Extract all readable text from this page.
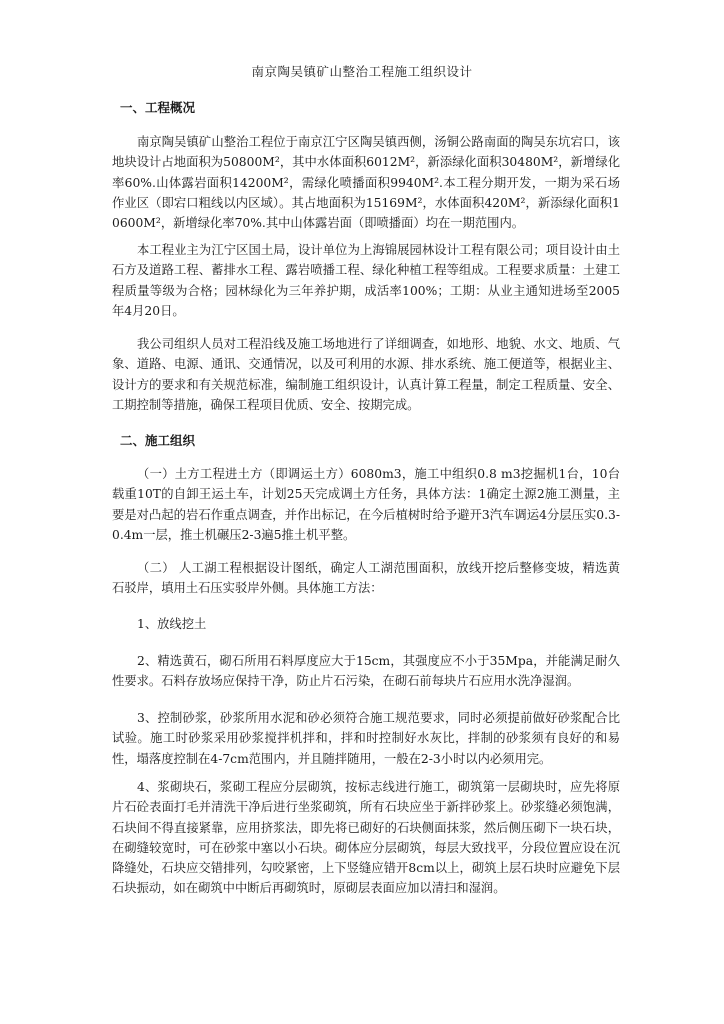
南京陶吴镇矿山整治工程施工组织设计
一、工程概况

南京陶吴镇矿山整治工程位于南京江宁区陶吴镇西侧，汤铜公路南面的陶吴东坑宕口，该地块设计占地面积为50800M²，其中水体面积6012M²，新添绿化面积30480M²，新增绿化率60%.山体露岩面积14200M²，需绿化喷播面积9940M².本工程分期开发，一期为采石场作业区（即宕口粗线以内区域）。其占地面积为15169M²，水体面积420M²，新添绿化面积10600M²，新增绿化率70%.其中山体露岩面（即喷播面）均在一期范围内。

本工程业主为江宁区国土局，设计单位为上海锦展园林设计工程有限公司；项目设计由土石方及道路工程、蓄排水工程、露岩喷播工程、绿化种植工程等组成。工程要求质量：土建工程质量等级为合格；园林绿化为三年养护期，成活率100%；工期：从业主通知进场至2005年4月20日。

我公司组织人员对工程沿线及施工场地进行了详细调查，如地形、地貌、水文、地质、气象、道路、电源、通讯、交通情况，以及可利用的水源、排水系统、施工便道等，根据业主、设计方的要求和有关规范标准，编制施工组织设计，认真计算工程量，制定工程质量、安全、工期控制等措施，确保工程项目优质、安全、按期完成。

二、施工组织

（一）土方工程进土方（即调运土方）6080m3，施工中组织0.8 m3挖掘机1台，10台载重10T的自卸王运土车，计划25天完成调土方任务，具体方法：1确定土源2施工测量，主要是对凸起的岩石作重点调查，并作出标记，在今后植树时给予避开3汽车调运4分层压实0.3-0.4m一层，推土机碾压2-3遍5推土机平整。

（二） 人工湖工程根据设计图纸，确定人工湖范围面积，放线开挖后整修变坡，精选黄石驳岸，填用土石压实驳岸外侧。具体施工方法：

1、放线挖土

2、精选黄石，砌石所用石料厚度应大于15cm，其强度应不小于35Mpa，并能满足耐久性要求。石料存放场应保持干净，防止片石污染，在砌石前每块片石应用水洗净湿润。

3、控制砂浆，砂浆所用水泥和砂必须符合施工规范要求，同时必须提前做好砂浆配合比试验。施工时砂浆采用砂浆搅拌机拌和，拌和时控制好水灰比，拌制的砂浆须有良好的和易性，塌落度控制在4-7cm范围内，并且随拌随用，一般在2-3小时以内必须用完。

4、浆砌块石，浆砌工程应分层砌筑，按标志线进行施工，砌筑第一层砌块时，应先将原片石砼表面打毛并清洗干净后进行坐浆砌筑，所有石块应坐于新拌砂浆上。砂浆缝必须饱满，石块间不得直接紧靠，应用挤浆法，即先将已砌好的石块侧面抹浆，然后侧压砌下一块石块，在砌缝较宽时，可在砂浆中塞以小石块。砌体应分层砌筑，每层大致找平，分段位置应设在沉降缝处，石块应交错排列，勾咬紧密，上下竖缝应错开8cm以上，砌筑上层石块时应避免下层石块振动，如在砌筑中中断后再砌筑时，原砌层表面应加以清扫和湿润。
